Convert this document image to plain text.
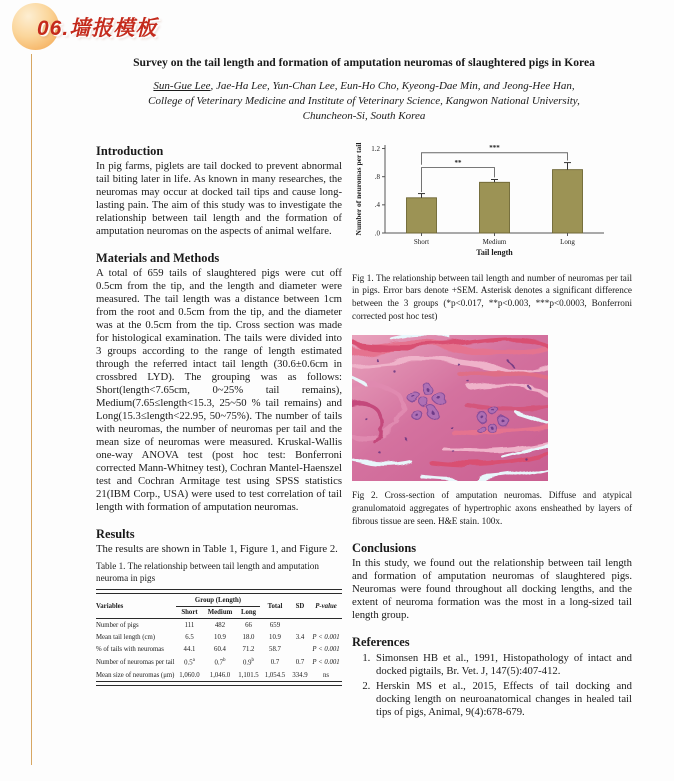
06.墙报模板
Survey on the tail length and formation of amputation neuromas of slaughtered pigs in Korea
Sun-Gue Lee, Jae-Ha Lee, Yun-Chan Lee, Eun-Ho Cho, Kyeong-Dae Min, and Jeong-Hee Han,
College of Veterinary Medicine and Institute of Veterinary Science, Kangwon National University,
Chuncheon-Si, South Korea
Introduction

In pig farms, piglets are tail docked to prevent abnormal tail biting later in life. As known in many researches, the neuromas may occur at docked tail tips and cause long-lasting pain. The aim of this study was to investigate the relationship between tail length and the formation of amputation neuromas on the aspects of animal welfare.

Materials and Methods

A total of 659 tails of slaughtered pigs were cut off 0.5cm from the tip, and the length and diameter were measured. The tail length was a distance between 1cm from the root and 0.5cm from the tip, and the diameter was at the 0.5cm from the tip. Cross section was made for histological examination. The tails were divided into 3 groups according to the range of length estimated through the referred intact tail length (30.6±0.6cm in crossbred LYD). The grouping was as follows: Short(length<7.65cm, 0~25% tail remains), Medium(7.65≤length<15.3, 25~50 % tail remains) and Long(15.3≤length<22.95, 50~75%). The number of tails with neuromas, the number of neuromas per tail and the mean size of neuromas were measured. Kruskal-Wallis one-way ANOVA test (post hoc test: Bonferroni corrected Mann-Whitney test), Cochran Mantel-Haenszel test and Cochran Armitage test using SPSS statistics 21(IBM Corp., USA) were used to test correlation of tail length with formation of amputation neuromas.

Results

The results are shown in Table 1, Figure 1, and Figure 2.

Table 1. The relationship between tail length and amputation neuroma in pigs
Variables	Group (Length)			Total	SD	P-value
	Short	Medium	Long			
Number of pigs	111	482	66	659		
Mean tail length (cm)	6.5	10.9	18.0	10.9	3.4	P < 0.001
% of tails with neuromas	44.1	60.4	71.2	58.7		P < 0.001
Number of neuromas per tail	0.5$^a$	0.7$^b$	0.9$^b$	0.7	0.7	P < 0.001
Mean size of neuromas (μm)	1,060.0	1,046.0	1,101.5	1,054.5	334.9	ns
.0
.4
.8
1.2
Short	Medium	Long
**
***
Tail length
Number of neuromas per tail
Fig 1. The relationship between tail length and number of neuromas per tail in pigs. Error bars denote +SEM. Asterisk denotes a significant difference between the 3 groups (*p<0.017, **p<0.003, ***p<0.0003, Bonferroni corrected post hoc test)
Fig 2. Cross-section of amputation neuromas. Diffuse and atypical granulomatoid aggregates of hypertrophic axons ensheathed by layers of fibrous tissue are seen. H&E stain. 100x.
Conclusions

In this study, we found out the relationship between tail length and formation of amputation neuromas of slaughtered pigs. Neuromas were found throughout all docking lengths, and the extent of neuroma formation was the most in a long-sized tail length group.

References
1. Simonsen HB et al., 1991, Histopathology of intact and docked pigtails, Br. Vet. J, 147(5):407-412.
2. Herskin MS et al., 2015, Effects of tail docking and docking length on neuroanatomical changes in healed tail tips of pigs, Animal, 9(4):678-679.
